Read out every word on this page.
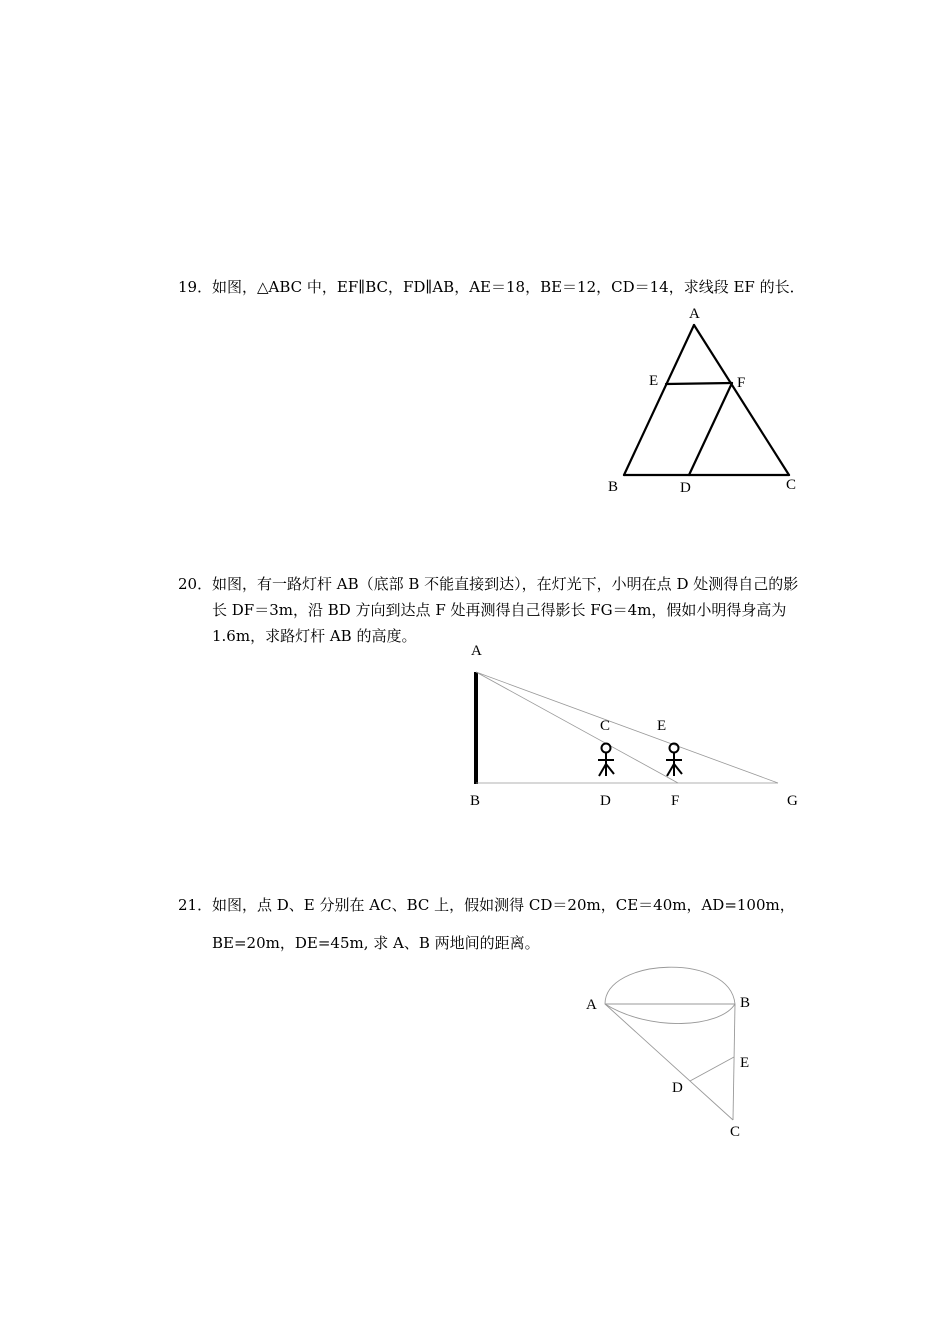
19． 如图，△ABC 中，EF∥BC，FD∥AB，AE＝18，BE＝12，CD＝14，求线段 EF 的长．
A
E	F
B	D	C
20． 如图，有一路灯杆 AB（底部 B 不能直接到达），在灯光下，小明在点 D 处测得自己的影长 DF＝3m，沿 BD 方向到达点 F 处再测得自己得影长 FG＝4m，假如小明得身高为 1.6m，求路灯杆 AB 的高度。
A
C	E
B	D	F	G
21． 如图，点 D、E 分别在 AC、BC 上，假如测得 CD＝20m，CE＝40m，AD=100m，BE=20m，DE=45m, 求 A、B 两地间的距离。
A	B
E
D
C
